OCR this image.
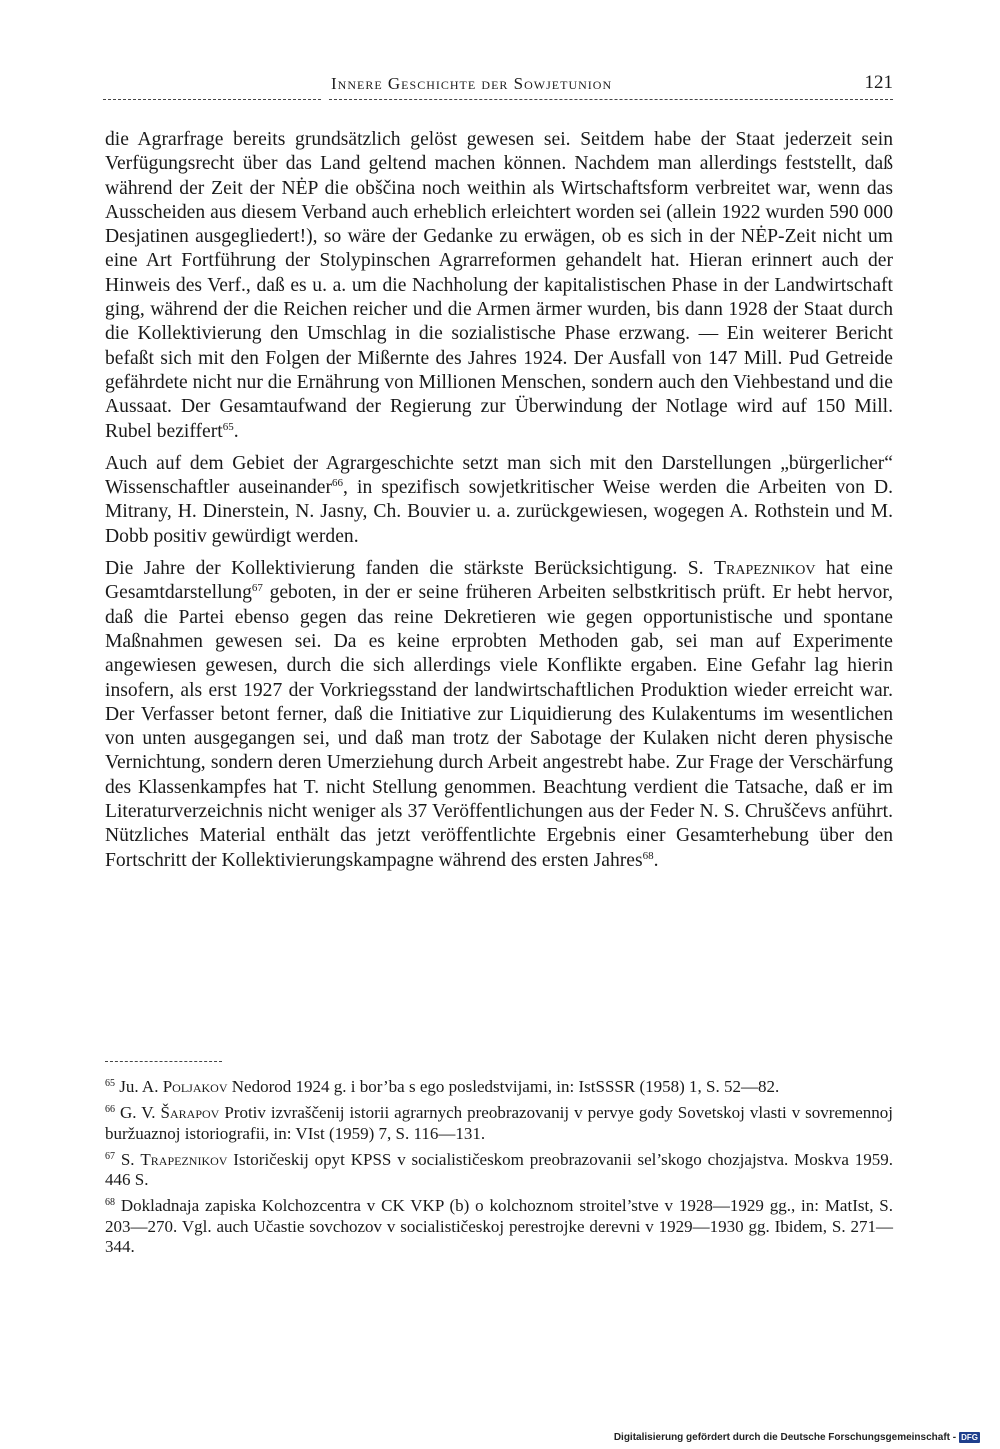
Innere Geschichte der Sowjetunion	121

die Agrarfrage bereits grundsätzlich gelöst gewesen sei. Seitdem habe der Staat jederzeit sein Verfügungsrecht über das Land geltend machen können. Nachdem man allerdings feststellt, daß während der Zeit der NĖP die obščina noch weithin als Wirtschaftsform verbreitet war, wenn das Ausscheiden aus diesem Verband auch erheblich erleichtert worden sei (allein 1922 wurden 590 000 Desjatinen ausgegliedert!), so wäre der Gedanke zu erwägen, ob es sich in der NĖP-Zeit nicht um eine Art Fortführung der Stolypinschen Agrarreformen gehandelt hat. Hieran erinnert auch der Hinweis des Verf., daß es u. a. um die Nachholung der kapitalistischen Phase in der Landwirtschaft ging, während der die Reichen reicher und die Armen ärmer wurden, bis dann 1928 der Staat durch die Kollektivierung den Umschlag in die sozialistische Phase erzwang. — Ein weiterer Bericht befaßt sich mit den Folgen der Mißernte des Jahres 1924. Der Ausfall von 147 Mill. Pud Getreide gefährdete nicht nur die Ernährung von Millionen Menschen, sondern auch den Viehbestand und die Aussaat. Der Gesamtaufwand der Regierung zur Überwindung der Notlage wird auf 150 Mill. Rubel beziffert$^{65}$.

Auch auf dem Gebiet der Agrargeschichte setzt man sich mit den Darstellungen „bürgerlicher“ Wissenschaftler auseinander$^{66}$, in spezifisch sowjetkritischer Weise werden die Arbeiten von D. Mitrany, H. Dinerstein, N. Jasny, Ch. Bouvier u. a. zurückgewiesen, wogegen A. Rothstein und M. Dobb positiv gewürdigt werden.

Die Jahre der Kollektivierung fanden die stärkste Berücksichtigung. S. Trapeznikov hat eine Gesamtdarstellung$^{67}$ geboten, in der er seine früheren Arbeiten selbstkritisch prüft. Er hebt hervor, daß die Partei ebenso gegen das reine Dekretieren wie gegen opportunistische und spontane Maßnahmen gewesen sei. Da es keine erprobten Methoden gab, sei man auf Experimente angewiesen gewesen, durch die sich allerdings viele Konflikte ergaben. Eine Gefahr lag hierin insofern, als erst 1927 der Vorkriegsstand der landwirtschaftlichen Produktion wieder erreicht war. Der Verfasser betont ferner, daß die Initiative zur Liquidierung des Kulakentums im wesentlichen von unten ausgegangen sei, und daß man trotz der Sabotage der Kulaken nicht deren physische Vernichtung, sondern deren Umerziehung durch Arbeit angestrebt habe. Zur Frage der Verschärfung des Klassenkampfes hat T. nicht Stellung genommen. Beachtung verdient die Tatsache, daß er im Literaturverzeichnis nicht weniger als 37 Veröffentlichungen aus der Feder N. S. Chruščevs anführt. Nützliches Material enthält das jetzt veröffentlichte Ergebnis einer Gesamterhebung über den Fortschritt der Kollektivierungskampagne während des ersten Jahres$^{68}$.

$^{65}$ Ju. A. Poljakov Nedorod 1924 g. i bor’ba s ego posledstvijami, in: IstSSSR (1958) 1, S. 52—82.

$^{66}$ G. V. Šarapov Protiv izvraščenij istorii agrarnych preobrazovanij v pervye gody Sovetskoj vlasti v sovremennoj buržuaznoj istoriografii, in: VIst (1959) 7, S. 116—131.

$^{67}$ S. Trapeznikov Istoričeskij opyt KPSS v socialističeskom preobrazovanii sel’skogo chozjajstva. Moskva 1959. 446 S.

$^{68}$ Dokladnaja zapiska Kolchozcentra v CK VKP (b) o kolchoznom stroitel’stve v 1928—1929 gg., in: MatIst, S. 203—270. Vgl. auch Učastie sovchozov v socialističeskoj perestrojke derevni v 1929—1930 gg. Ibidem, S. 271—344.

Digitalisierung gefördert durch die Deutsche Forschungsgemeinschaft - DFG
